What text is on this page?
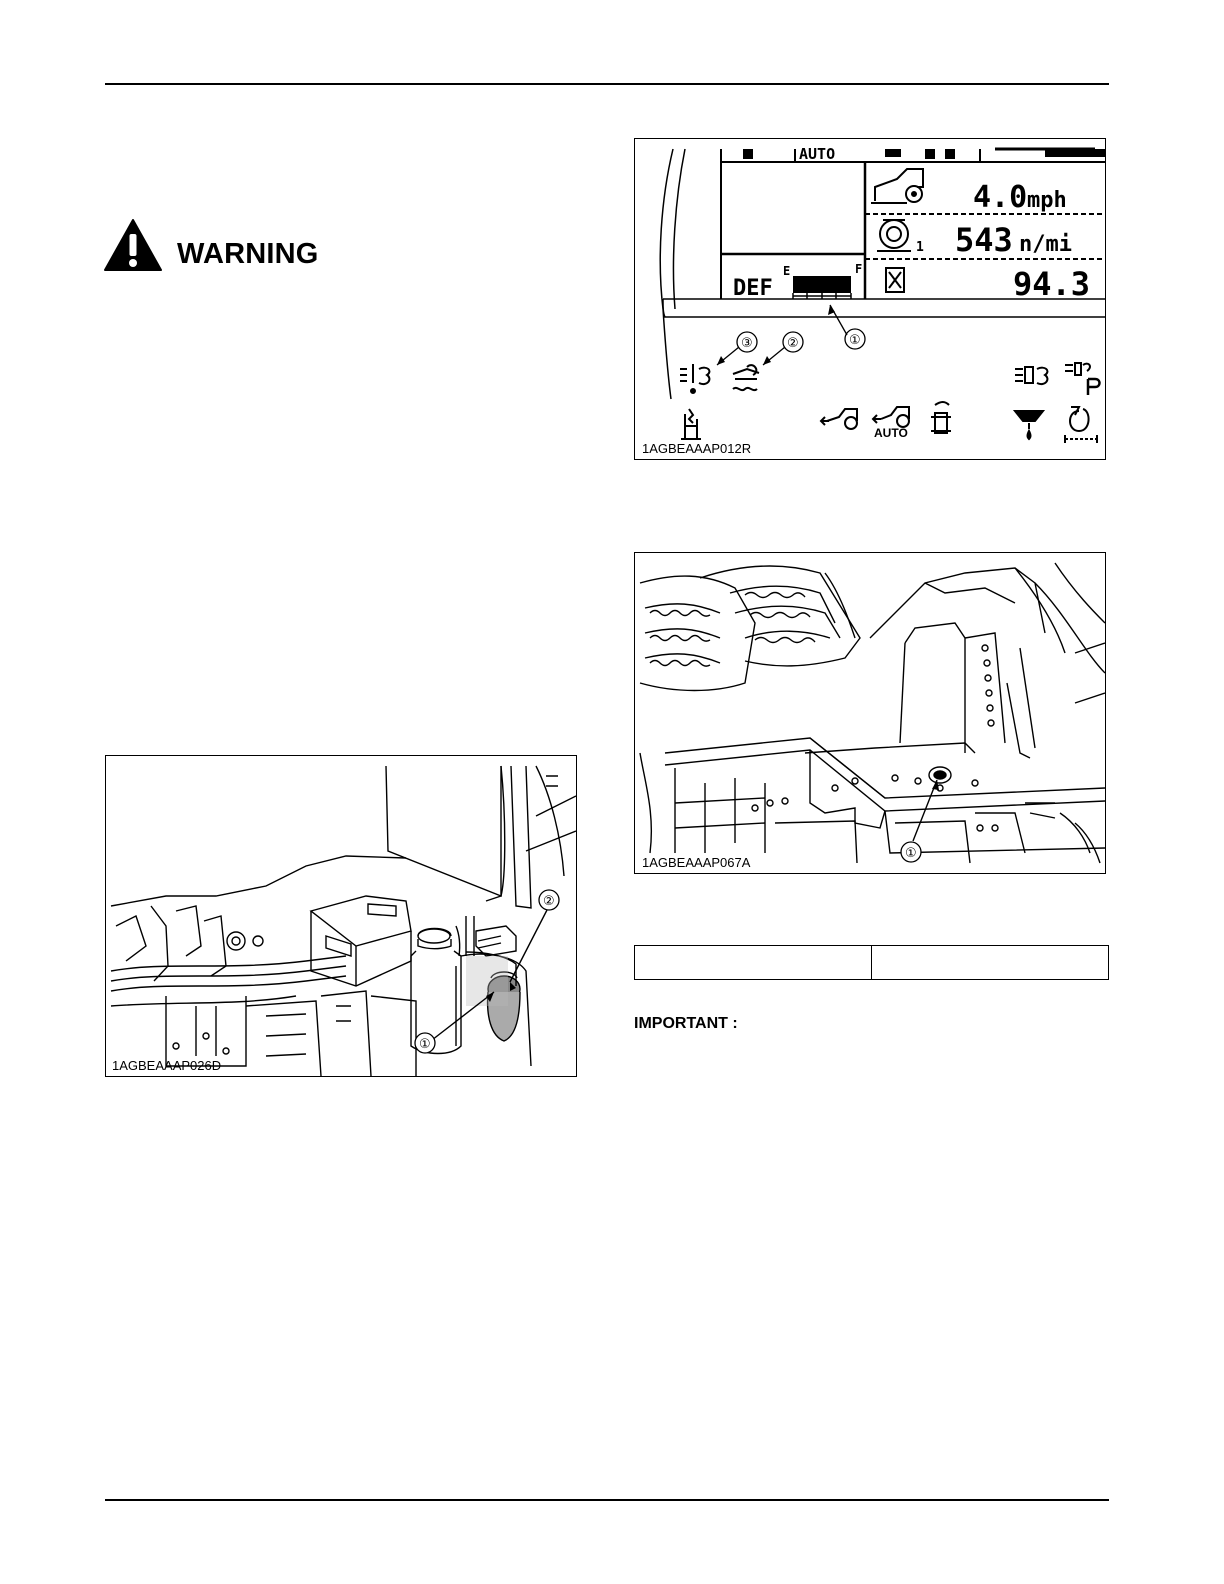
WARNING
AUTO
DEF
E	F
4.0 mph
1 543 n/mi
94.3
AUTO
①
②
③
1AGBEAAAP012R
①
②
1AGBEAAAP026D
①
1AGBEAAAP067A

IMPORTANT :
